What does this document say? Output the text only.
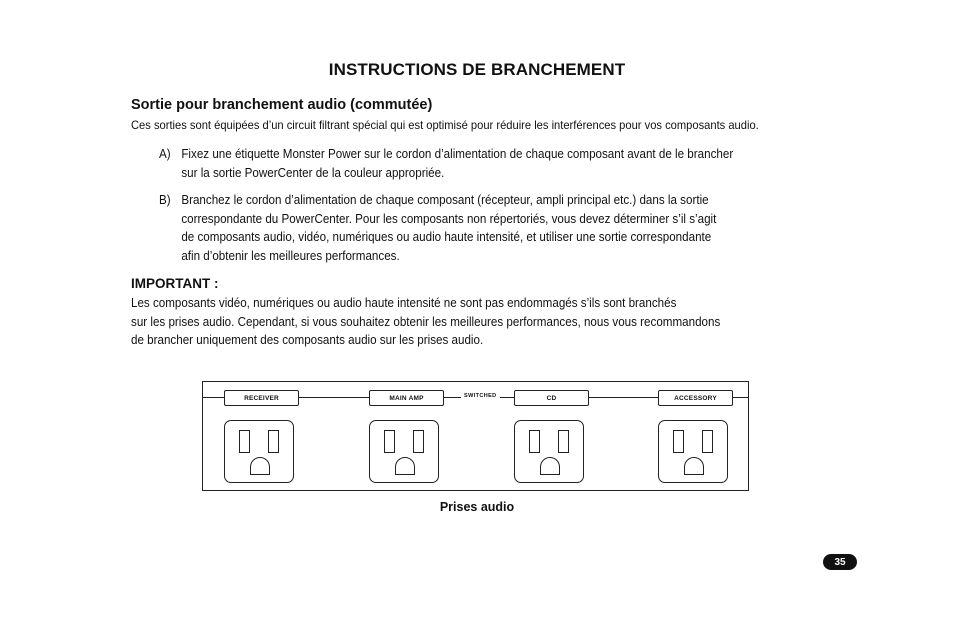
INSTRUCTIONS DE BRANCHEMENT
Sortie pour branchement audio (commutée)
Ces sorties sont équipées d’un circuit filtrant spécial qui est optimisé pour réduire les interférences pour vos composants audio.
A) Fixez une étiquette Monster Power sur le cordon d’alimentation de chaque composant avant de le brancher
sur la sortie PowerCenter de la couleur appropriée.
B) Branchez le cordon d’alimentation de chaque composant (récepteur, ampli principal etc.) dans la sortie
correspondante du PowerCenter. Pour les composants non répertoriés, vous devez déterminer s’il s’agit
de composants audio, vidéo, numériques ou audio haute intensité, et utiliser une sortie correspondante
afin d’obtenir les meilleures performances.
IMPORTANT :
Les composants vidéo, numériques ou audio haute intensité ne sont pas endommagés s’ils sont branchés
sur les prises audio. Cependant, si vous souhaitez obtenir les meilleures performances, nous vous recommandons
de brancher uniquement des composants audio sur les prises audio.
RECEIVER	MAIN AMP	SWITCHED	CD	ACCESSORY
Prises audio
35
